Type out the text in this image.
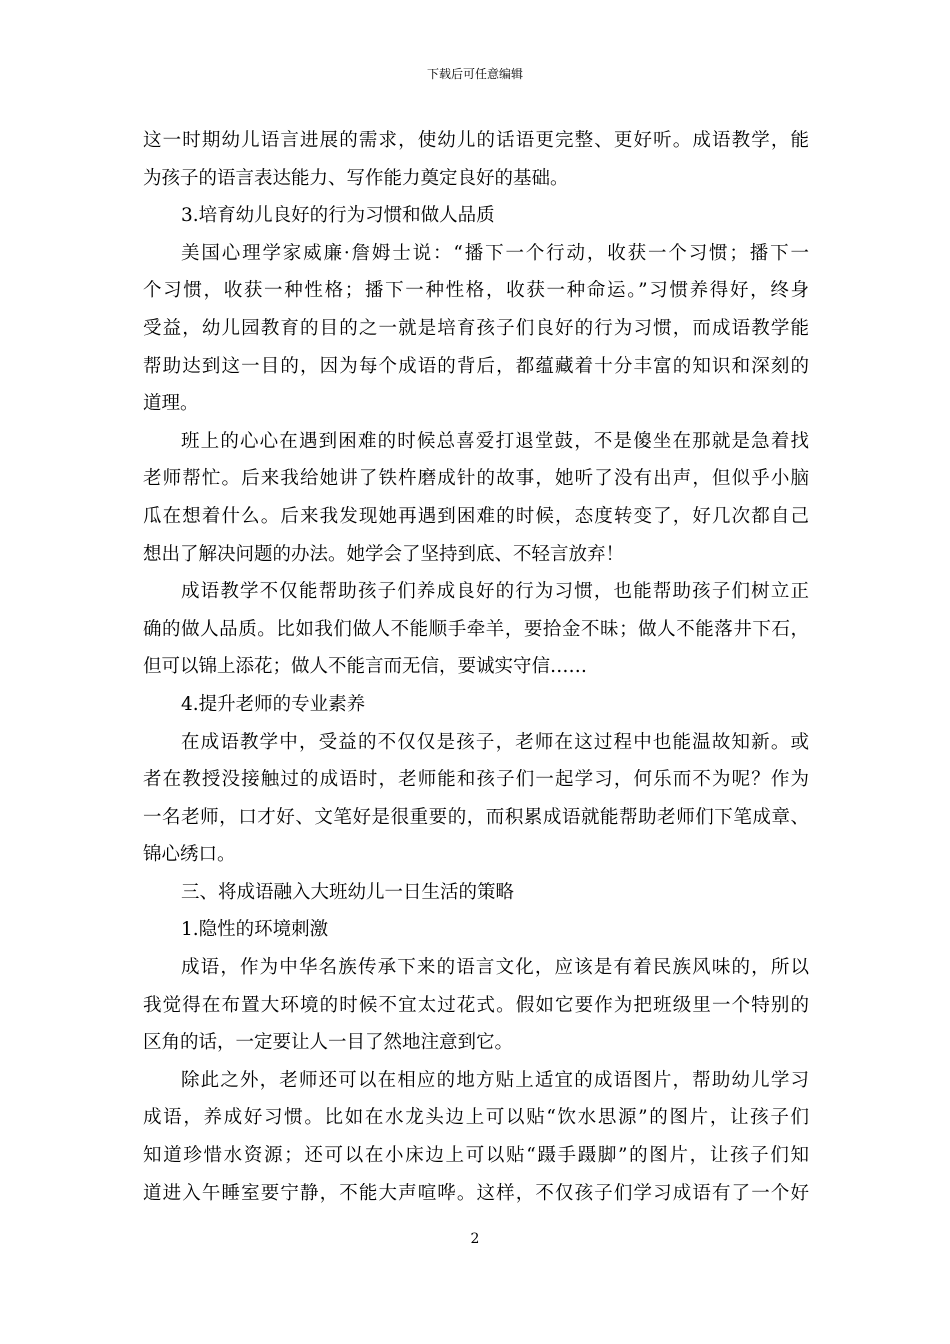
下载后可任意编辑
这一时期幼儿语言进展的需求，使幼儿的话语更完整、更好听。成语教学，能
为孩子的语言表达能力、写作能力奠定良好的基础。
3.培育幼儿良好的行为习惯和做人品质
美国心理学家威廉·詹姆士说：“播下一个行动，收获一个习惯；播下一
个习惯，收获一种性格；播下一种性格，收获一种命运。”习惯养得好，终身
受益，幼儿园教育的目的之一就是培育孩子们良好的行为习惯，而成语教学能
帮助达到这一目的，因为每个成语的背后，都蕴藏着十分丰富的知识和深刻的
道理。
班上的心心在遇到困难的时候总喜爱打退堂鼓，不是傻坐在那就是急着找
老师帮忙。后来我给她讲了铁杵磨成针的故事，她听了没有出声，但似乎小脑
瓜在想着什么。后来我发现她再遇到困难的时候，态度转变了，好几次都自己
想出了解决问题的办法。她学会了坚持到底、不轻言放弃！
成语教学不仅能帮助孩子们养成良好的行为习惯，也能帮助孩子们树立正
确的做人品质。比如我们做人不能顺手牵羊，要拾金不昧；做人不能落井下石，
但可以锦上添花；做人不能言而无信，要诚实守信……
4.提升老师的专业素养
在成语教学中，受益的不仅仅是孩子，老师在这过程中也能温故知新。或
者在教授没接触过的成语时，老师能和孩子们一起学习，何乐而不为呢？作为
一名老师，口才好、文笔好是很重要的，而积累成语就能帮助老师们下笔成章、
锦心绣口。
三、将成语融入大班幼儿一日生活的策略
1.隐性的环境刺激
成语，作为中华名族传承下来的语言文化，应该是有着民族风味的，所以
我觉得在布置大环境的时候不宜太过花式。假如它要作为把班级里一个特别的
区角的话，一定要让人一目了然地注意到它。
除此之外，老师还可以在相应的地方贴上适宜的成语图片，帮助幼儿学习
成语，养成好习惯。比如在水龙头边上可以贴“饮水思源”的图片，让孩子们
知道珍惜水资源；还可以在小床边上可以贴“蹑手蹑脚”的图片，让孩子们知
道进入午睡室要宁静，不能大声喧哗。这样，不仅孩子们学习成语有了一个好
2
